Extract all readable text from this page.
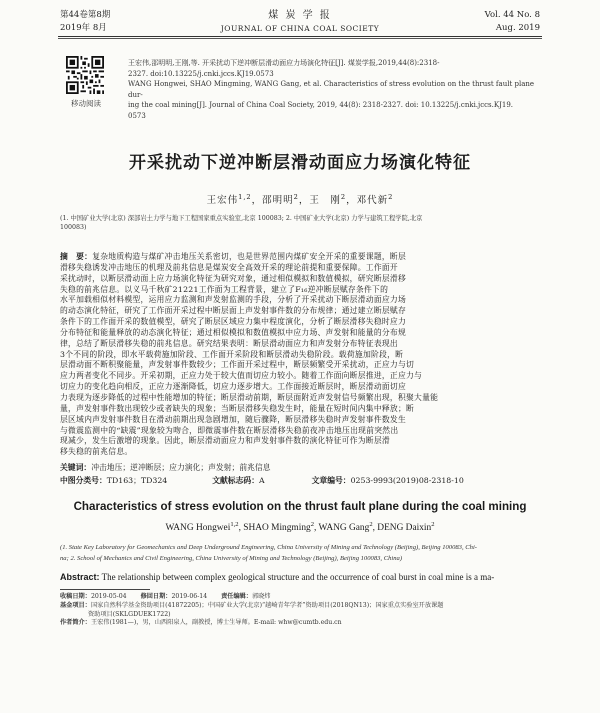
第44卷第8期
2019年 8月
煤 炭 学 报
JOURNAL OF CHINA COAL SOCIETY
Vol. 44 No. 8
Aug. 2019
移动阅读
王宏伟,邵明明,王刚,等. 开采扰动下逆冲断层滑动面应力场演化特征[J]. 煤炭学报,2019,44(8):2318-
2327. doi:10.13225/j.cnki.jccs.KJ19.0573
WANG Hongwei, SHAO Mingming, WANG Gang, et al. Characteristics of stress evolution on the thrust fault plane dur-
ing the coal mining[J]. Journal of China Coal Society, 2019, 44(8): 2318-2327. doi: 10.13225/j.cnki.jccs.KJ19.
0573
开采扰动下逆冲断层滑动面应力场演化特征
王宏伟$^{1,2}$，邵明明$^2$，王　刚$^2$，邓代新$^2$
(1. 中国矿业大学(北京) 深部岩土力学与地下工程国家重点实验室,北京 100083; 2. 中国矿业大学(北京) 力学与建筑工程学院,北京
100083)
摘　要：复杂地质构造与煤矿冲击地压关系密切，也是世界范围内煤矿安全开采的重要课题，断层
滑移失稳诱发冲击地压的机理及前兆信息是煤炭安全高效开采的理论前提和重要保障。工作面开
采扰动时，以断层滑动面上应力场演化特征为研究对象，通过相似模拟和数值模拟，研究断层滑移
失稳的前兆信息。以义马千秋矿21221工作面为工程背景，建立了F₁₆逆冲断层赋存条件下的
水平加载相似材料模型，运用应力监测和声发射监测的手段，分析了开采扰动下断层滑动面应力场
的动态演化特征，研究了工作面开采过程中断层面上声发射事件数的分布规律；通过建立断层赋存
条件下的工作面开采的数值模型，研究了断层区域应力集中程度演化，分析了断层滑移失稳时应力
分布特征和能量释放的动态演化特征；通过相似模拟和数值模拟中应力场、声发射和能量的分布规
律，总结了断层滑移失稳的前兆信息。研究结果表明：断层滑动面应力和声发射分布特征表现出
3个不同的阶段，即水平载荷施加阶段、工作面开采阶段和断层滑动失稳阶段。载荷施加阶段，断
层滑动面不断积聚能量，声发射事件数较少；工作面开采过程中，断层频繁受开采扰动，正应力与切
应力两者变化不同步。开采初期，正应力处于较大值而切应力较小。随着工作面向断层推进，正应力与
切应力的变化趋向相反，正应力逐渐降低，切应力逐步增大。工作面接近断层时，断层滑动面切应
力表现为逐步降低的过程中性能增加的特征；断层滑动前期，断层面附近声发射信号频繁出现，积聚大量能
量，声发射事件数出现较少或者缺失的现象；当断层滑移失稳发生时，能量在短时间内集中释放；断
层区域内声发射事件数目在滑动前期出现急剧增加，随后骤降，断层滑移失稳时声发射事件数发生
与微震监测中的“缺震”现象较为吻合，即微震事件数在断层滑移失稳前夜冲击地压出现前突然出
现减少，发生后激增的现象。因此，断层滑动面应力和声发射事件数的演化特征可作为断层滑
移失稳的前兆信息。
关键词：冲击地压；逆冲断层；应力演化；声发射；前兆信息
中图分类号：TD163；TD324	文献标志码：A	文章编号：0253-9993(2019)08-2318-10
Characteristics of stress evolution on the thrust fault plane during the coal mining
WANG Hongwei$^{1,2}$, SHAO Mingming$^2$, WANG Gang$^2$, DENG Daixin$^2$
(1. State Key Laboratory for Geomechanics and Deep Underground Engineering, China University of Mining and Technology (Beijing), Beijing 100083, Chi-
na; 2. School of Mechanics and Civil Engineering, China University of Mining and Technology (Beijing), Beijing 100083, China)
Abstract: The relationship between complex geological structure and the occurrence of coal burst in coal mine is a ma-
收稿日期：2019-05-04 修回日期：2019-06-14 责任编辑：郭晓炜
基金项目：国家自然科学基金资助项目(41872205)；中国矿业大学(北京)“越崎青年学者”资助项目(2018QN13)；国家重点实验室开放课题
资助项目(SKLGDUEK1722)
作者简介：王宏伟(1981—)，男，山西阳泉人，副教授，博士生导师。E-mail: whw@cumtb.edu.cn
